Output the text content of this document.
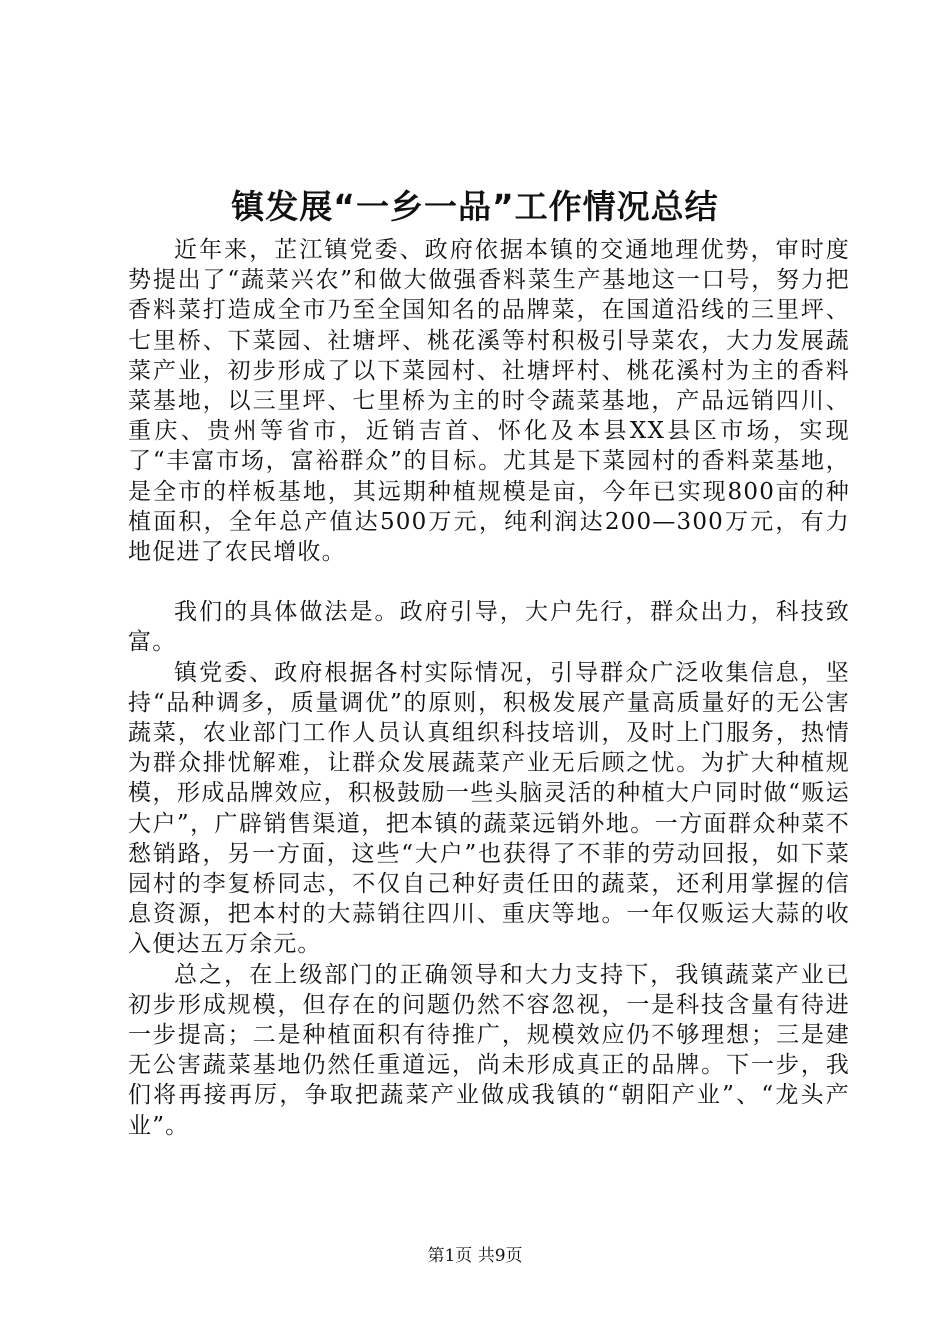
镇发展“一乡一品”工作情况总结

近年来，芷江镇党委、政府依据本镇的交通地理优势，审时度势提出了“蔬菜兴农”和做大做强香料菜生产基地这一口号，努力把香料菜打造成全市乃至全国知名的品牌菜，在国道沿线的三里坪、七里桥、下菜园、社塘坪、桃花溪等村积极引导菜农，大力发展蔬菜产业，初步形成了以下菜园村、社塘坪村、桃花溪村为主的香料菜基地，以三里坪、七里桥为主的时令蔬菜基地，产品远销四川、重庆、贵州等省市，近销吉首、怀化及本县XX县区市场，实现了“丰富市场，富裕群众”的目标。尤其是下菜园村的香料菜基地，是全市的样板基地，其远期种植规模是亩，今年已实现800亩的种植面积，全年总产值达500万元，纯利润达200—300万元，有力地促进了农民增收。

我们的具体做法是。政府引导，大户先行，群众出力，科技致富。

镇党委、政府根据各村实际情况，引导群众广泛收集信息，坚持“品种调多，质量调优”的原则，积极发展产量高质量好的无公害蔬菜，农业部门工作人员认真组织科技培训，及时上门服务，热情为群众排忧解难，让群众发展蔬菜产业无后顾之忧。为扩大种植规模，形成品牌效应，积极鼓励一些头脑灵活的种植大户同时做“贩运大户”，广辟销售渠道，把本镇的蔬菜远销外地。一方面群众种菜不愁销路，另一方面，这些“大户”也获得了不菲的劳动回报，如下菜园村的李复桥同志，不仅自己种好责任田的蔬菜，还利用掌握的信息资源，把本村的大蒜销往四川、重庆等地。一年仅贩运大蒜的收入便达五万余元。

总之，在上级部门的正确领导和大力支持下，我镇蔬菜产业已初步形成规模，但存在的问题仍然不容忽视，一是科技含量有待进一步提高；二是种植面积有待推广，规模效应仍不够理想；三是建无公害蔬菜基地仍然任重道远，尚未形成真正的品牌。下一步，我们将再接再厉，争取把蔬菜产业做成我镇的“朝阳产业”、“龙头产业”。

第1页 共9页
